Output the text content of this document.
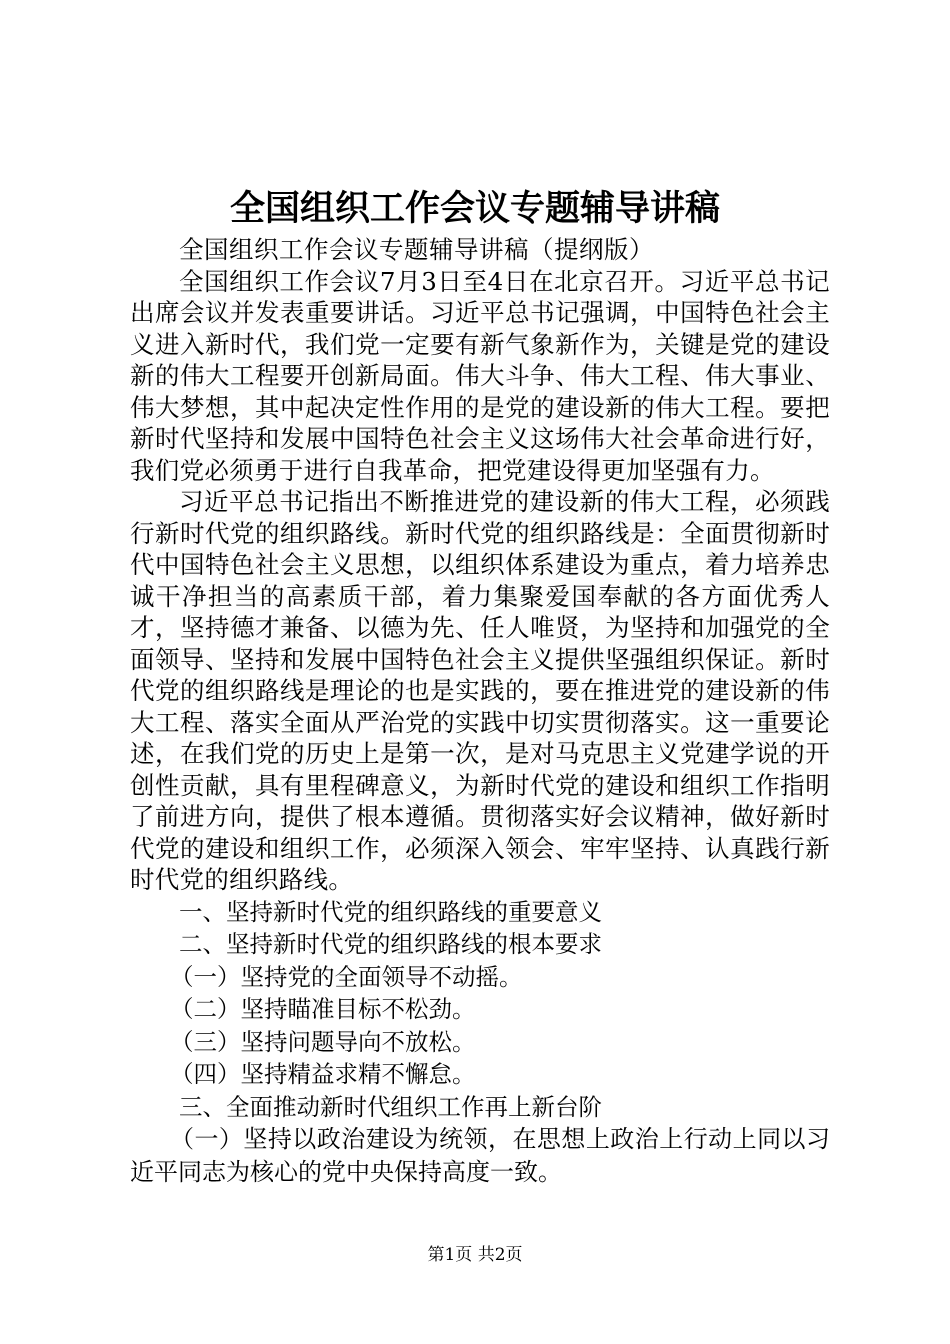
全国组织工作会议专题辅导讲稿

全国组织工作会议专题辅导讲稿（提纲版）

全国组织工作会议7月3日至4日在北京召开。习近平总书记出席会议并发表重要讲话。习近平总书记强调，中国特色社会主义进入新时代，我们党一定要有新气象新作为，关键是党的建设新的伟大工程要开创新局面。伟大斗争、伟大工程、伟大事业、伟大梦想，其中起决定性作用的是党的建设新的伟大工程。要把新时代坚持和发展中国特色社会主义这场伟大社会革命进行好，我们党必须勇于进行自我革命，把党建设得更加坚强有力。

习近平总书记指出不断推进党的建设新的伟大工程，必须践行新时代党的组织路线。新时代党的组织路线是：全面贯彻新时代中国特色社会主义思想，以组织体系建设为重点，着力培养忠诚干净担当的高素质干部，着力集聚爱国奉献的各方面优秀人才，坚持德才兼备、以德为先、任人唯贤，为坚持和加强党的全面领导、坚持和发展中国特色社会主义提供坚强组织保证。新时代党的组织路线是理论的也是实践的，要在推进党的建设新的伟大工程、落实全面从严治党的实践中切实贯彻落实。这一重要论述，在我们党的历史上是第一次，是对马克思主义党建学说的开创性贡献，具有里程碑意义，为新时代党的建设和组织工作指明了前进方向，提供了根本遵循。贯彻落实好会议精神，做好新时代党的建设和组织工作，必须深入领会、牢牢坚持、认真践行新时代党的组织路线。

一、坚持新时代党的组织路线的重要意义

二、坚持新时代党的组织路线的根本要求

（一）坚持党的全面领导不动摇。

（二）坚持瞄准目标不松劲。

（三）坚持问题导向不放松。

（四）坚持精益求精不懈怠。

三、全面推动新时代组织工作再上新台阶

（一）坚持以政治建设为统领，在思想上政治上行动上同以习近平同志为核心的党中央保持高度一致。

第1页 共2页
